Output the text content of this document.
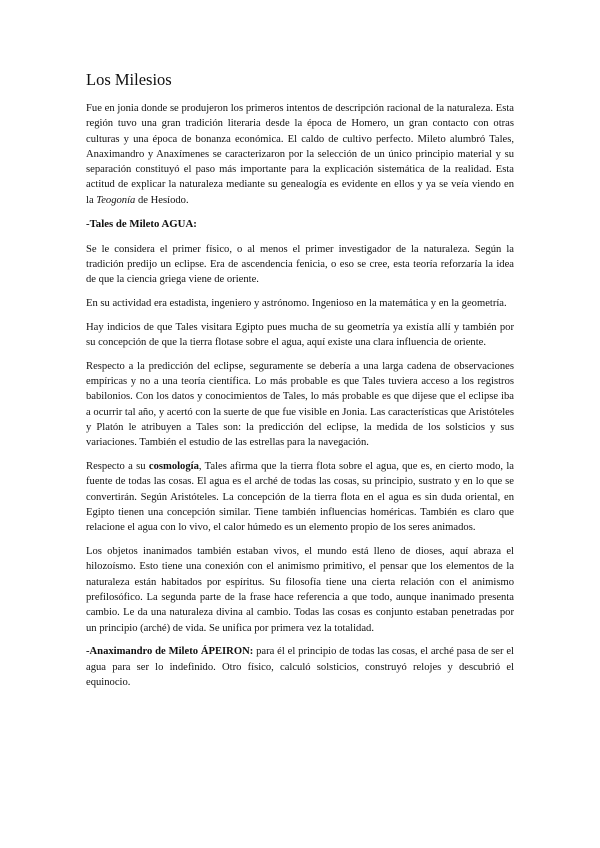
Los Milesios

Fue en jonia donde se produjeron los primeros intentos de descripción racional de la naturaleza. Esta región tuvo una gran tradición literaria desde la época de Homero, un gran contacto con otras culturas y una época de bonanza económica. El caldo de cultivo perfecto. Mileto alumbró Tales, Anaximandro y Anaxímenes se caracterizaron por la selección de un único principio material y su separación constituyó el paso más importante para la explicación sistemática de la realidad. Esta actitud de explicar la naturaleza mediante su genealogía es evidente en ellos y ya se veía viendo en la Teogonía de Hesíodo.

-Tales de Mileto AGUA:

Se le considera el primer físico, o al menos el primer investigador de la naturaleza. Según la tradición predijo un eclipse. Era de ascendencia fenicia, o eso se cree, esta teoría reforzaría la idea de que la ciencia griega viene de oriente.

En su actividad era estadista, ingeniero y astrónomo. Ingenioso en la matemática y en la geometría.

Hay indicios de que Tales visitara Egipto pues mucha de su geometría ya existía allí y también por su concepción de que la tierra flotase sobre el agua, aquí existe una clara influencia de oriente.

Respecto a la predicción del eclipse, seguramente se debería a una larga cadena de observaciones empíricas y no a una teoría científica. Lo más probable es que Tales tuviera acceso a los registros babilonios. Con los datos y conocimientos de Tales, lo más probable es que dijese que el eclipse iba a ocurrir tal año, y acertó con la suerte de que fue visible en Jonia. Las características que Aristóteles y Platón le atribuyen a Tales son: la predicción del eclipse, la medida de los solsticios y sus variaciones. También el estudio de las estrellas para la navegación.

Respecto a su cosmología, Tales afirma que la tierra flota sobre el agua, que es, en cierto modo, la fuente de todas las cosas. El agua es el arché de todas las cosas, su principio, sustrato y en lo que se convertirán. Según Aristóteles. La concepción de la tierra flota en el agua es sin duda oriental, en Egipto tienen una concepción similar. Tiene también influencias homéricas. También es claro que relacione el agua con lo vivo, el calor húmedo es un elemento propio de los seres animados.

Los objetos inanimados también estaban vivos, el mundo está lleno de dioses, aquí abraza el hilozoísmo. Esto tiene una conexión con el animismo primitivo, el pensar que los elementos de la naturaleza están habitados por espíritus. Su filosofía tiene una cierta relación con el animismo prefilosófico. La segunda parte de la frase hace referencia a que todo, aunque inanimado presenta cambio. Le da una naturaleza divina al cambio. Todas las cosas es conjunto estaban penetradas por un principio (arché) de vida. Se unifica por primera vez la totalidad.

-Anaximandro de Mileto ÁPEIRON: para él el principio de todas las cosas, el arché pasa de ser el agua para ser lo indefinido. Otro físico, calculó solsticios, construyó relojes y descubrió el equinocio.
